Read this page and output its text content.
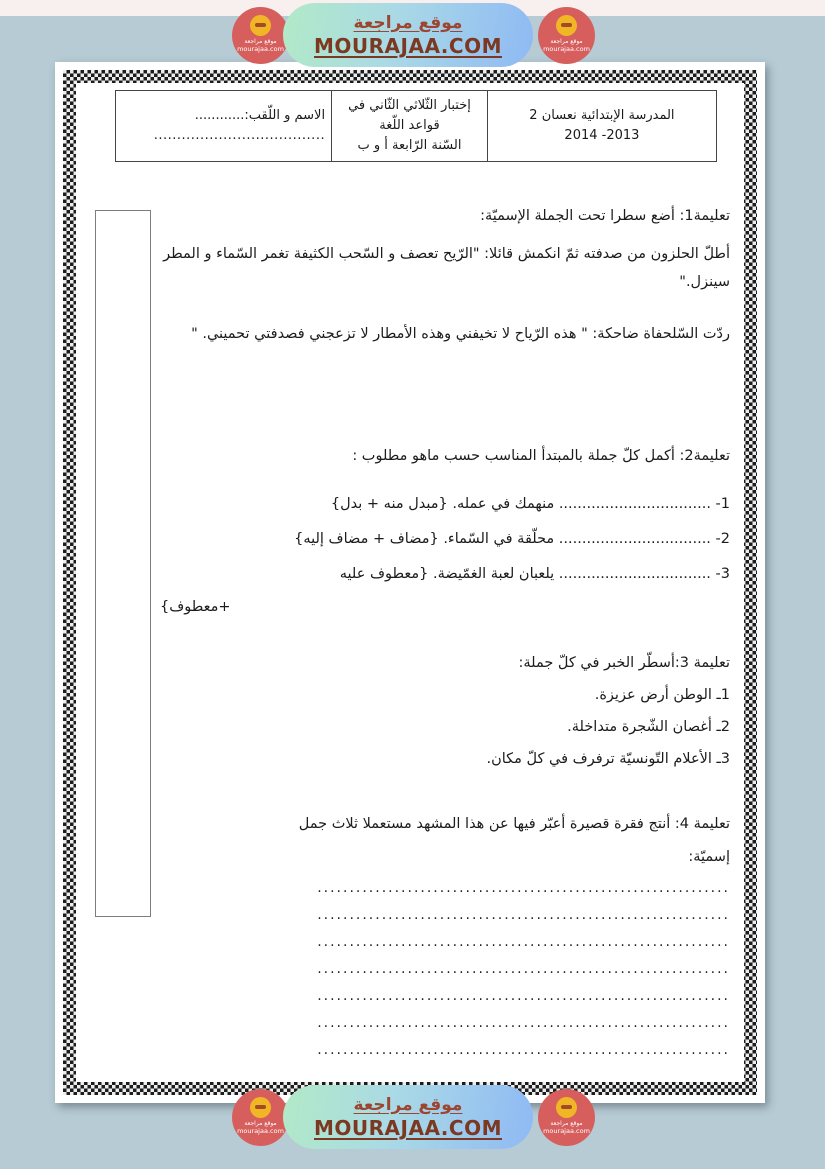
موقع مراجعة
mourajaa.com
موقع مراجعة
MOURAJAA.COM	موقع مراجعة
mourajaa.com
المدرسة الإبتدائية نعسان 2
2013- 2014

إختبار الثّلاثي الثّاني في قواعد اللّغة
السّنة الرّابعة أ و ب

الاسم و اللّقب:............
.....................................
تعليمة1: أضع سطرا تحت الجملة الإسميّة:
أطلّ الحلزون من صدفته ثمّ انكمش قائلا: "الرّيح تعصف و السّحب الكثيفة تغمر السّماء و المطر سينزل."
ردّت السّلحفاة ضاحكة: " هذه الرّياح لا تخيفني وهذه الأمطار لا تزعجني فصدفتي تحميني. "
تعليمة2: أكمل كلّ جملة بالمبتدأ المناسب حسب ماهو مطلوب :
1- ................................. منهمك في عمله. {مبدل منه + بدل}
2- ................................. محلّقة في السّماء. {مضاف + مضاف إليه}
3- ................................. يلعبان لعبة الغمّيضة. {معطوف عليه
+معطوف}
تعليمة 3:أسطّر الخبر في كلّ جملة:
1ـ الوطن أرض عزيزة.
2ـ أغصان الشّجرة متداخلة.
3ـ الأعلام التّونسيّة ترفرف في كلّ مكان.
تعليمة 4: أنتج فقرة قصيرة أعبّر فيها عن هذا المشهد مستعملا ثلاث جمل
إسميّة:
................................................................
................................................................
................................................................
................................................................
................................................................
................................................................
................................................................
موقع مراجعة
mourajaa.com
موقع مراجعة
MOURAJAA.COM	موقع مراجعة
mourajaa.com
